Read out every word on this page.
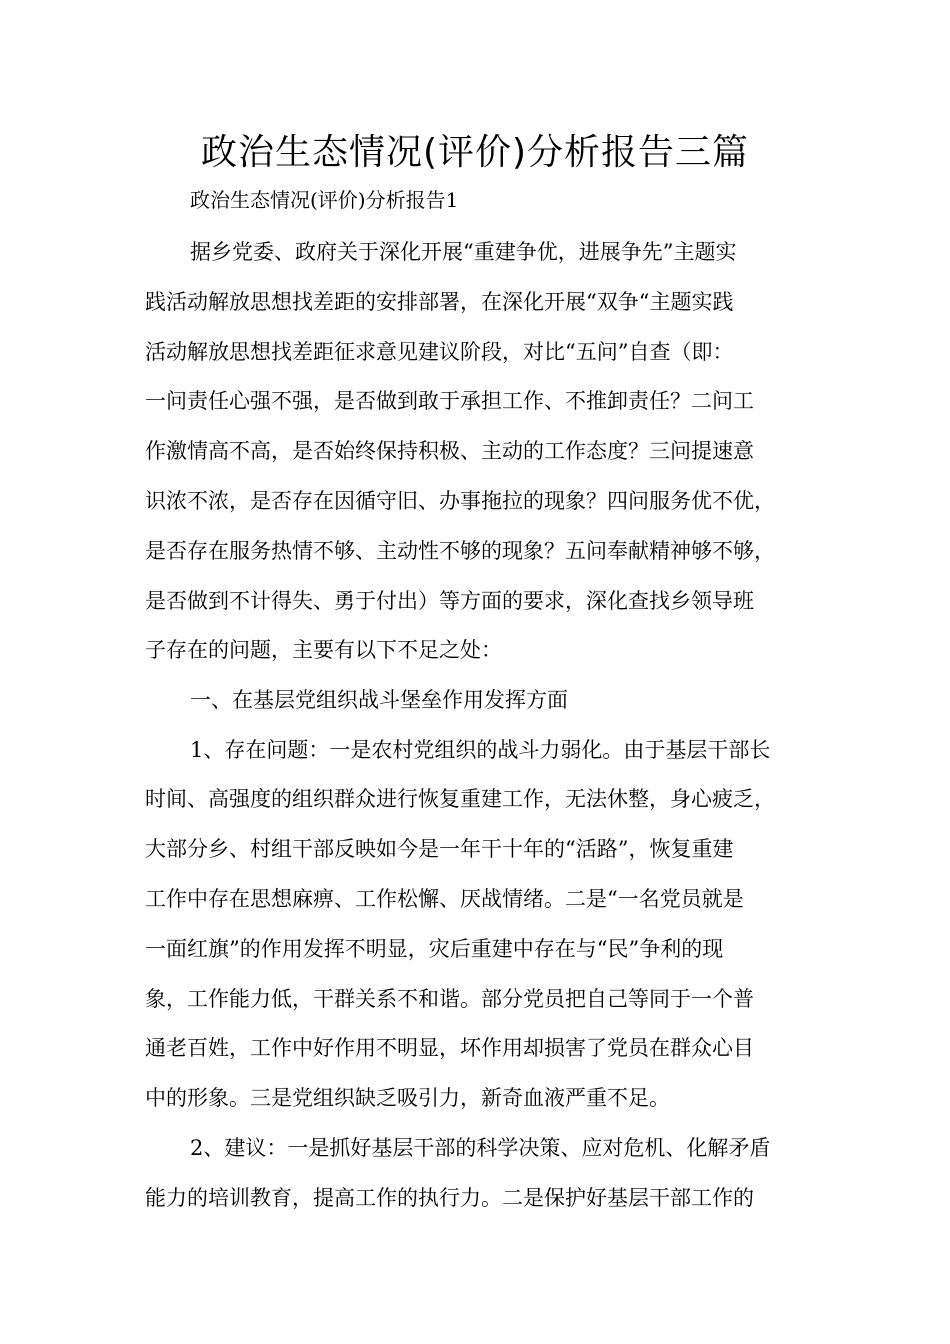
政治生态情况(评价)分析报告三篇

政治生态情况(评价)分析报告1

据乡党委、政府关于深化开展“重建争优，进展争先”主题实

践活动解放思想找差距的安排部署，在深化开展“双争“主题实践

活动解放思想找差距征求意见建议阶段，对比“五问”自查（即：

一问责任心强不强，是否做到敢于承担工作、不推卸责任？二问工

作激情高不高，是否始终保持积极、主动的工作态度？三问提速意

识浓不浓，是否存在因循守旧、办事拖拉的现象？四问服务优不优，

是否存在服务热情不够、主动性不够的现象？五问奉献精神够不够，

是否做到不计得失、勇于付出）等方面的要求，深化查找乡领导班

子存在的问题，主要有以下不足之处：

一、在基层党组织战斗堡垒作用发挥方面

1、存在问题：一是农村党组织的战斗力弱化。由于基层干部长

时间、高强度的组织群众进行恢复重建工作，无法休整，身心疲乏，

大部分乡、村组干部反映如今是一年干十年的“活路”，恢复重建

工作中存在思想麻痹、工作松懈、厌战情绪。二是“一名党员就是

一面红旗”的作用发挥不明显，灾后重建中存在与“民”争利的现

象，工作能力低，干群关系不和谐。部分党员把自己等同于一个普

通老百姓，工作中好作用不明显，坏作用却损害了党员在群众心目

中的形象。三是党组织缺乏吸引力，新奇血液严重不足。

2、建议：一是抓好基层干部的科学决策、应对危机、化解矛盾

能力的培训教育，提高工作的执行力。二是保护好基层干部工作的
